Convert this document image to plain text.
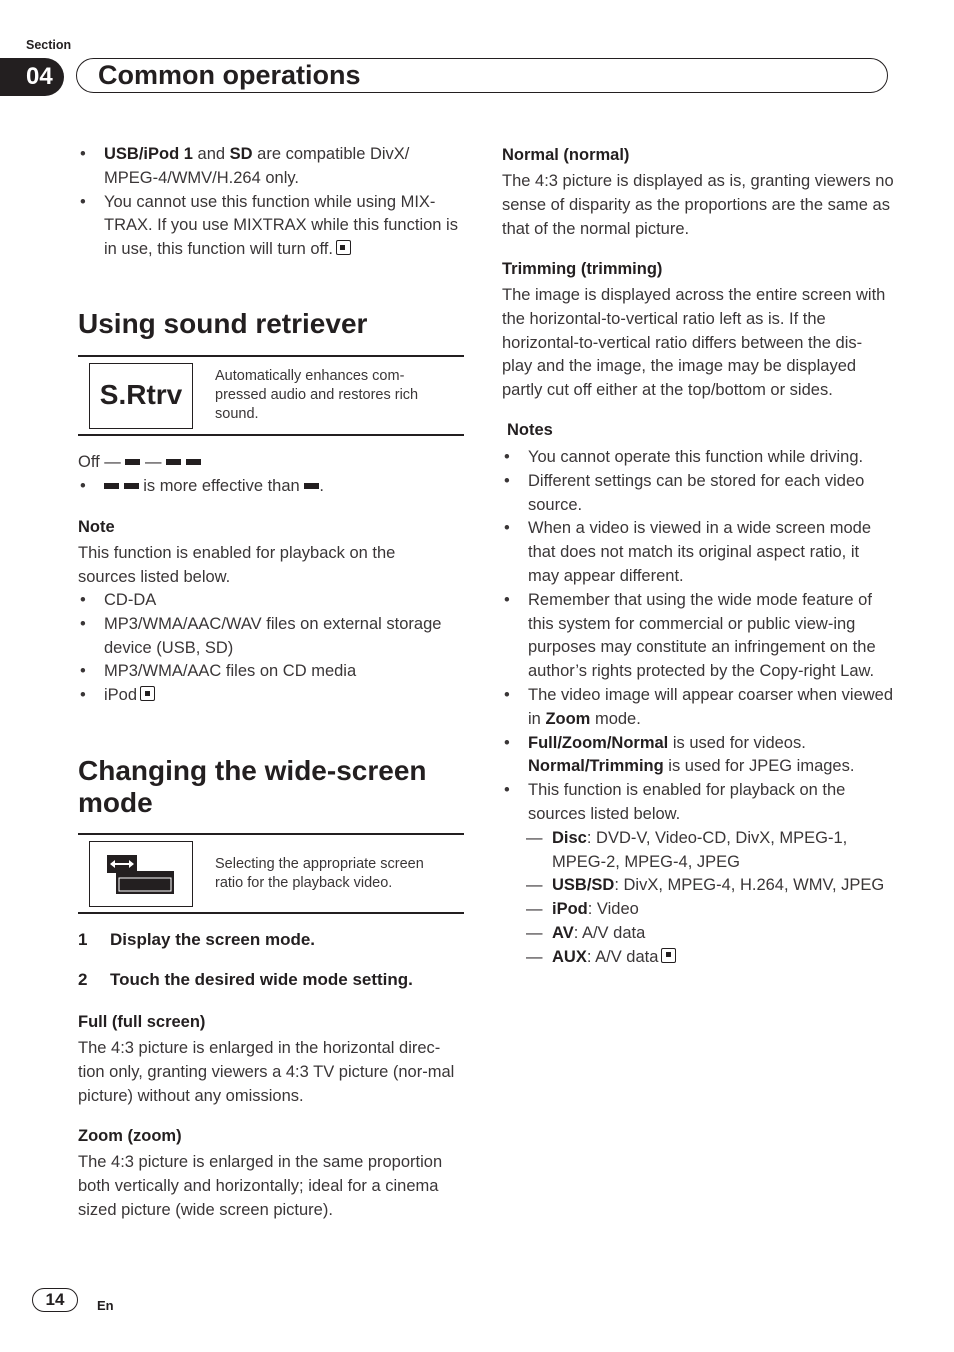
Section
04	Common operations
• USB/iPod 1 and SD are compatible DivX/ MPEG-4/WMV/H.264 only.
• You cannot use this function while using MIX-TRAX. If you use MIXTRAX while this function is in use, this function will turn off.
Using sound retriever
S.Rtrv
Automatically enhances com-pressed audio and restores rich sound.
Off —  —
•	is more effective than .
Note
This function is enabled for playback on the sources listed below.
• CD-DA
• MP3/WMA/AAC/WAV files on external storage device (USB, SD)
• MP3/WMA/AAC files on CD media
• iPod
Changing the wide-screen
mode
Selecting the appropriate screen ratio for the playback video.
1 Display the screen mode.
2 Touch the desired wide mode setting.
Full (full screen)
The 4:3 picture is enlarged in the horizontal direc-tion only, granting viewers a 4:3 TV picture (nor-mal picture) without any omissions.
Zoom (zoom)
The 4:3 picture is enlarged in the same proportion both vertically and horizontally; ideal for a cinema sized picture (wide screen picture).
Normal (normal)
The 4:3 picture is displayed as is, granting viewers no sense of disparity as the proportions are the same as that of the normal picture.
Trimming (trimming)
The image is displayed across the entire screen with the horizontal-to-vertical ratio left as is. If the horizontal-to-vertical ratio differs between the dis-play and the image, the image may be displayed partly cut off either at the top/bottom or sides.
Notes
• You cannot operate this function while driving.
• Different settings can be stored for each video source.
• When a video is viewed in a wide screen mode that does not match its original aspect ratio, it may appear different.
• Remember that using the wide mode feature of this system for commercial or public view-ing purposes may constitute an infringement on the author’s rights protected by the Copy-right Law.
• The video image will appear coarser when viewed in Zoom mode.
• Full/Zoom/Normal is used for videos.
Normal/Trimming is used for JPEG images.
• This function is enabled for playback on the sources listed below.
— Disc: DVD-V, Video-CD, DivX, MPEG-1, MPEG-2, MPEG-4, JPEG
— USB/SD: DivX, MPEG-4, H.264, WMV, JPEG
— iPod: Video
— AV: A/V data
— AUX: A/V data
14	En
